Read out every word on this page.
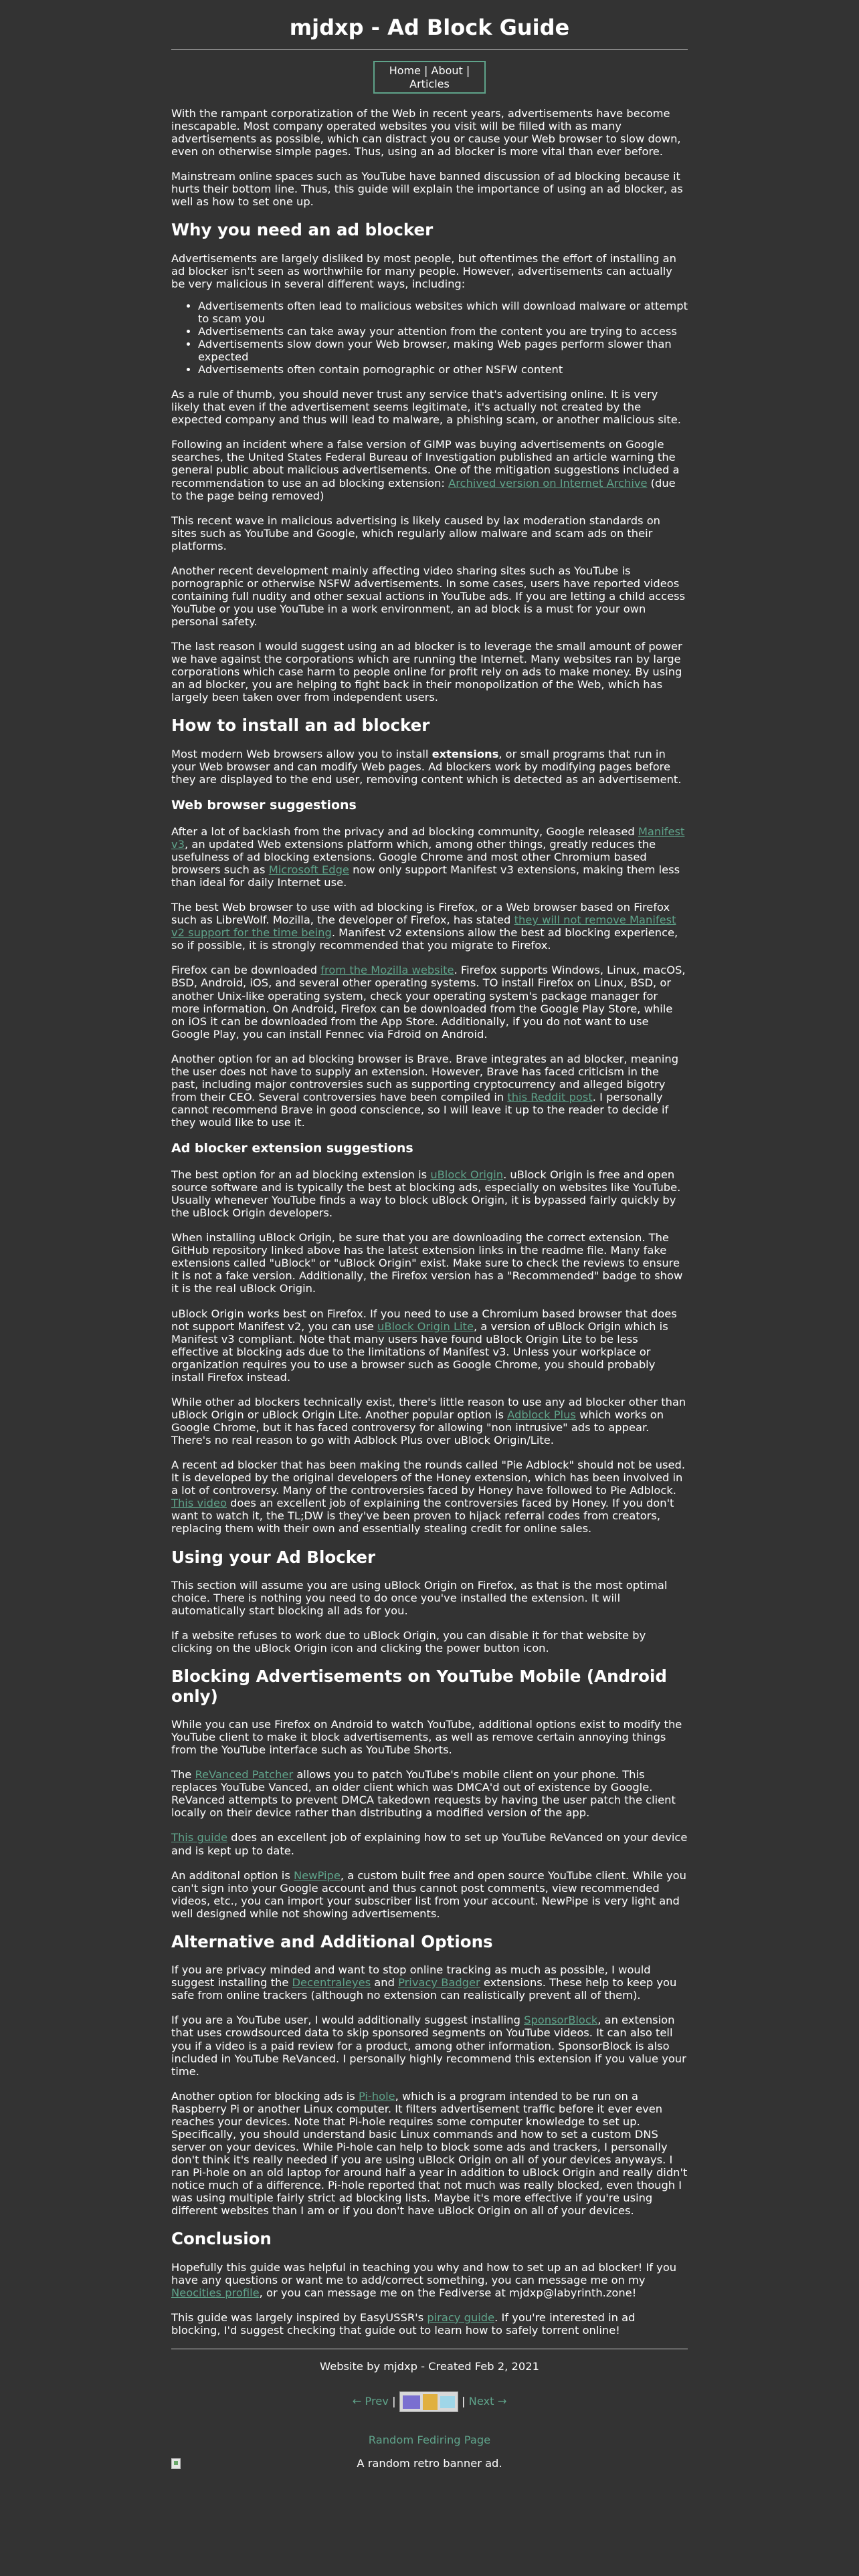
mjdxp - Ad Block Guide
Home | About |
Articles

With the rampant corporatization of the Web in recent years, advertisements have become inescapable. Most company operated websites you visit will be filled with as many advertisements as possible, which can distract you or cause your Web browser to slow down, even on otherwise simple pages. Thus, using an ad blocker is more vital than ever before.

Mainstream online spaces such as YouTube have banned discussion of ad blocking because it hurts their bottom line. Thus, this guide will explain the importance of using an ad blocker, as well as how to set one up.

Why you need an ad blocker

Advertisements are largely disliked by most people, but oftentimes the effort of installing an ad blocker isn't seen as worthwhile for many people. However, advertisements can actually be very malicious in several different ways, including:

• Advertisements often lead to malicious websites which will download malware or attempt to scam you
• Advertisements can take away your attention from the content you are trying to access
• Advertisements slow down your Web browser, making Web pages perform slower than expected
• Advertisements often contain pornographic or other NSFW content

As a rule of thumb, you should never trust any service that's advertising online. It is very likely that even if the advertisement seems legitimate, it's actually not created by the expected company and thus will lead to malware, a phishing scam, or another malicious site.

Following an incident where a false version of GIMP was buying advertisements on Google searches, the United States Federal Bureau of Investigation published an article warning the general public about malicious advertisements. One of the mitigation suggestions included a recommendation to use an ad blocking extension: Archived version on Internet Archive (due to the page being removed)

This recent wave in malicious advertising is likely caused by lax moderation standards on sites such as YouTube and Google, which regularly allow malware and scam ads on their platforms.

Another recent development mainly affecting video sharing sites such as YouTube is pornographic or otherwise NSFW advertisements. In some cases, users have reported videos containing full nudity and other sexual actions in YouTube ads. If you are letting a child access YouTube or you use YouTube in a work environment, an ad block is a must for your own personal safety.

The last reason I would suggest using an ad blocker is to leverage the small amount of power we have against the corporations which are running the Internet. Many websites ran by large corporations which case harm to people online for profit rely on ads to make money. By using an ad blocker, you are helping to fight back in their monopolization of the Web, which has largely been taken over from independent users.

How to install an ad blocker

Most modern Web browsers allow you to install extensions, or small programs that run in your Web browser and can modify Web pages. Ad blockers work by modifying pages before they are displayed to the end user, removing content which is detected as an advertisement.

Web browser suggestions

After a lot of backlash from the privacy and ad blocking community, Google released Manifest v3, an updated Web extensions platform which, among other things, greatly reduces the usefulness of ad blocking extensions. Google Chrome and most other Chromium based browsers such as Microsoft Edge now only support Manifest v3 extensions, making them less than ideal for daily Internet use.

The best Web browser to use with ad blocking is Firefox, or a Web browser based on Firefox such as LibreWolf. Mozilla, the developer of Firefox, has stated they will not remove Manifest v2 support for the time being. Manifest v2 extensions allow the best ad blocking experience, so if possible, it is strongly recommended that you migrate to Firefox.

Firefox can be downloaded from the Mozilla website. Firefox supports Windows, Linux, macOS, BSD, Android, iOS, and several other operating systems. TO install Firefox on Linux, BSD, or another Unix-like operating system, check your operating system's package manager for more information. On Android, Firefox can be downloaded from the Google Play Store, while on iOS it can be downloaded from the App Store. Additionally, if you do not want to use Google Play, you can install Fennec via Fdroid on Android.

Another option for an ad blocking browser is Brave. Brave integrates an ad blocker, meaning the user does not have to supply an extension. However, Brave has faced criticism in the past, including major controversies such as supporting cryptocurrency and alleged bigotry from their CEO. Several controversies have been compiled in this Reddit post. I personally cannot recommend Brave in good conscience, so I will leave it up to the reader to decide if they would like to use it.

Ad blocker extension suggestions

The best option for an ad blocking extension is uBlock Origin. uBlock Origin is free and open source software and is typically the best at blocking ads, especially on websites like YouTube. Usually whenever YouTube finds a way to block uBlock Origin, it is bypassed fairly quickly by the uBlock Origin developers.

When installing uBlock Origin, be sure that you are downloading the correct extension. The GitHub repository linked above has the latest extension links in the readme file. Many fake extensions called "uBlock" or "uBlock Origin" exist. Make sure to check the reviews to ensure it is not a fake version. Additionally, the Firefox version has a "Recommended" badge to show it is the real uBlock Origin.

uBlock Origin works best on Firefox. If you need to use a Chromium based browser that does not support Manifest v2, you can use uBlock Origin Lite, a version of uBlock Origin which is Manifest v3 compliant. Note that many users have found uBlock Origin Lite to be less effective at blocking ads due to the limitations of Manifest v3. Unless your workplace or organization requires you to use a browser such as Google Chrome, you should probably install Firefox instead.

While other ad blockers technically exist, there's little reason to use any ad blocker other than uBlock Origin or uBlock Origin Lite. Another popular option is Adblock Plus which works on Google Chrome, but it has faced controversy for allowing "non intrusive" ads to appear. There's no real reason to go with Adblock Plus over uBlock Origin/Lite.

A recent ad blocker that has been making the rounds called "Pie Adblock" should not be used. It is developed by the original developers of the Honey extension, which has been involved in a lot of controversy. Many of the controversies faced by Honey have followed to Pie Adblock. This video does an excellent job of explaining the controversies faced by Honey. If you don't want to watch it, the TL;DW is they've been proven to hijack referral codes from creators, replacing them with their own and essentially stealing credit for online sales.

Using your Ad Blocker

This section will assume you are using uBlock Origin on Firefox, as that is the most optimal choice. There is nothing you need to do once you've installed the extension. It will automatically start blocking all ads for you.

If a website refuses to work due to uBlock Origin, you can disable it for that website by clicking on the uBlock Origin icon and clicking the power button icon.

Blocking Advertisements on YouTube Mobile (Android only)

While you can use Firefox on Android to watch YouTube, additional options exist to modify the YouTube client to make it block advertisements, as well as remove certain annoying things from the YouTube interface such as YouTube Shorts.

The ReVanced Patcher allows you to patch YouTube's mobile client on your phone. This replaces YouTube Vanced, an older client which was DMCA'd out of existence by Google. ReVanced attempts to prevent DMCA takedown requests by having the user patch the client locally on their device rather than distributing a modified version of the app.

This guide does an excellent job of explaining how to set up YouTube ReVanced on your device and is kept up to date.

An additonal option is NewPipe, a custom built free and open source YouTube client. While you can't sign into your Google account and thus cannot post comments, view recommended videos, etc., you can import your subscriber list from your account. NewPipe is very light and well designed while not showing advertisements.

Alternative and Additional Options

If you are privacy minded and want to stop online tracking as much as possible, I would suggest installing the Decentraleyes and Privacy Badger extensions. These help to keep you safe from online trackers (although no extension can realistically prevent all of them).

If you are a YouTube user, I would additionally suggest installing SponsorBlock, an extension that uses crowdsourced data to skip sponsored segments on YouTube videos. It can also tell you if a video is a paid review for a product, among other information. SponsorBlock is also included in YouTube ReVanced. I personally highly recommend this extension if you value your time.

Another option for blocking ads is Pi-hole, which is a program intended to be run on a Raspberry Pi or another Linux computer. It filters advertisement traffic before it ever even reaches your devices. Note that Pi-hole requires some computer knowledge to set up. Specifically, you should understand basic Linux commands and how to set a custom DNS server on your devices. While Pi-hole can help to block some ads and trackers, I personally don't think it's really needed if you are using uBlock Origin on all of your devices anyways. I ran Pi-hole on an old laptop for around half a year in addition to uBlock Origin and really didn't notice much of a difference. Pi-hole reported that not much was really blocked, even though I was using multiple fairly strict ad blocking lists. Maybe it's more effective if you're using different websites than I am or if you don't have uBlock Origin on all of your devices.

Conclusion

Hopefully this guide was helpful in teaching you why and how to set up an ad blocker! If you have any questions or want me to add/correct something, you can message me on my Neocities profile, or you can message me on the Fediverse at mjdxp@labyrinth.zone!

This guide was largely inspired by EasyUSSR's piracy guide. If you're interested in ad blocking, I'd suggest checking that guide out to learn how to safely torrent online!

Website by mjdxp - Created Feb 2, 2021
← Prev |	| Next →
Random Fediring Page
A random retro banner ad.
